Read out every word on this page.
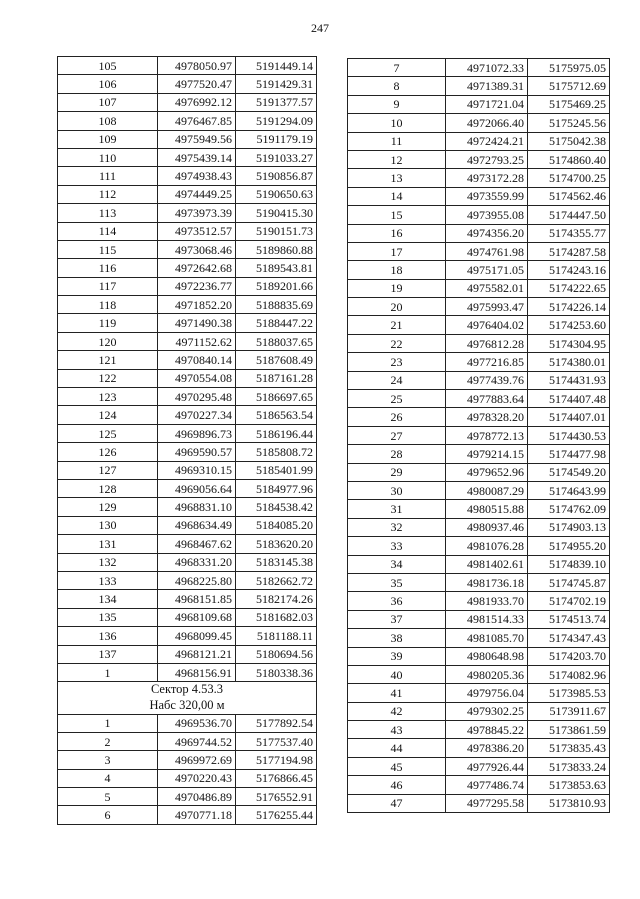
247
105	4978050.97	5191449.14
106	4977520.47	5191429.31
107	4976992.12	5191377.57
108	4976467.85	5191294.09
109	4975949.56	5191179.19
110	4975439.14	5191033.27
111	4974938.43	5190856.87
112	4974449.25	5190650.63
113	4973973.39	5190415.30
114	4973512.57	5190151.73
115	4973068.46	5189860.88
116	4972642.68	5189543.81
117	4972236.77	5189201.66
118	4971852.20	5188835.69
119	4971490.38	5188447.22
120	4971152.62	5188037.65
121	4970840.14	5187608.49
122	4970554.08	5187161.28
123	4970295.48	5186697.65
124	4970227.34	5186563.54
125	4969896.73	5186196.44
126	4969590.57	5185808.72
127	4969310.15	5185401.99
128	4969056.64	5184977.96
129	4968831.10	5184538.42
130	4968634.49	5184085.20
131	4968467.62	5183620.20
132	4968331.20	5183145.38
133	4968225.80	5182662.72
134	4968151.85	5182174.26
135	4968109.68	5181682.03
136	4968099.45	5181188.11
137	4968121.21	5180694.56
1	4968156.91	5180338.36
Сектор 4.53.3
Набс 320,00 м		
1	4969536.70	5177892.54
2	4969744.52	5177537.40
3	4969972.69	5177194.98
4	4970220.43	5176866.45
5	4970486.89	5176552.91
6	4970771.18	5176255.44
7	4971072.33	5175975.05
8	4971389.31	5175712.69
9	4971721.04	5175469.25
10	4972066.40	5175245.56
11	4972424.21	5175042.38
12	4972793.25	5174860.40
13	4973172.28	5174700.25
14	4973559.99	5174562.46
15	4973955.08	5174447.50
16	4974356.20	5174355.77
17	4974761.98	5174287.58
18	4975171.05	5174243.16
19	4975582.01	5174222.65
20	4975993.47	5174226.14
21	4976404.02	5174253.60
22	4976812.28	5174304.95
23	4977216.85	5174380.01
24	4977439.76	5174431.93
25	4977883.64	5174407.48
26	4978328.20	5174407.01
27	4978772.13	5174430.53
28	4979214.15	5174477.98
29	4979652.96	5174549.20
30	4980087.29	5174643.99
31	4980515.88	5174762.09
32	4980937.46	5174903.13
33	4981076.28	5174955.20
34	4981402.61	5174839.10
35	4981736.18	5174745.87
36	4981933.70	5174702.19
37	4981514.33	5174513.74
38	4981085.70	5174347.43
39	4980648.98	5174203.70
40	4980205.36	5174082.96
41	4979756.04	5173985.53
42	4979302.25	5173911.67
43	4978845.22	5173861.59
44	4978386.20	5173835.43
45	4977926.44	5173833.24
46	4977486.74	5173853.63
47	4977295.58	5173810.93
